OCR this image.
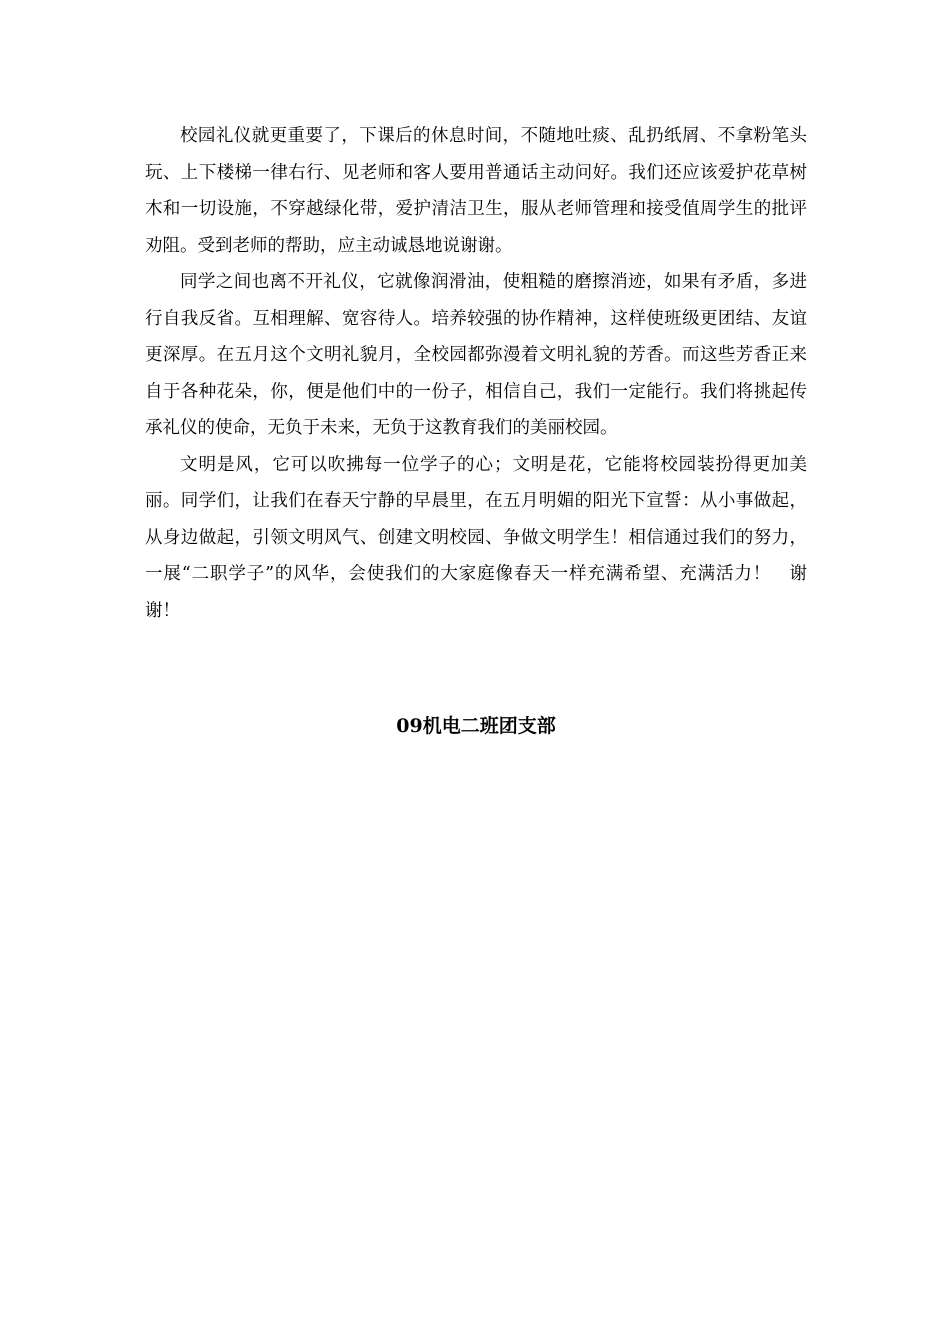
校园礼仪就更重要了，下课后的休息时间，不随地吐痰、乱扔纸屑、不拿粉笔头玩、上下楼梯一律右行、见老师和客人要用普通话主动问好。我们还应该爱护花草树木和一切设施，不穿越绿化带，爱护清洁卫生，服从老师管理和接受值周学生的批评劝阻。受到老师的帮助，应主动诚恳地说谢谢。

同学之间也离不开礼仪，它就像润滑油，使粗糙的磨擦消迹，如果有矛盾，多进行自我反省。互相理解、宽容待人。培养较强的协作精神，这样使班级更团结、友谊更深厚。在五月这个文明礼貌月，全校园都弥漫着文明礼貌的芳香。而这些芳香正来自于各种花朵，你，便是他们中的一份子，相信自己，我们一定能行。我们将挑起传承礼仪的使命，无负于未来，无负于这教育我们的美丽校园。

文明是风，它可以吹拂每一位学子的心；文明是花，它能将校园装扮得更加美丽。同学们，让我们在春天宁静的早晨里，在五月明媚的阳光下宣誓：从小事做起，从身边做起，引领文明风气、创建文明校园、争做文明学生！相信通过我们的努力，一展“二职学子”的风华，会使我们的大家庭像春天一样充满希望、充满活力！　谢谢！

09机电二班团支部
